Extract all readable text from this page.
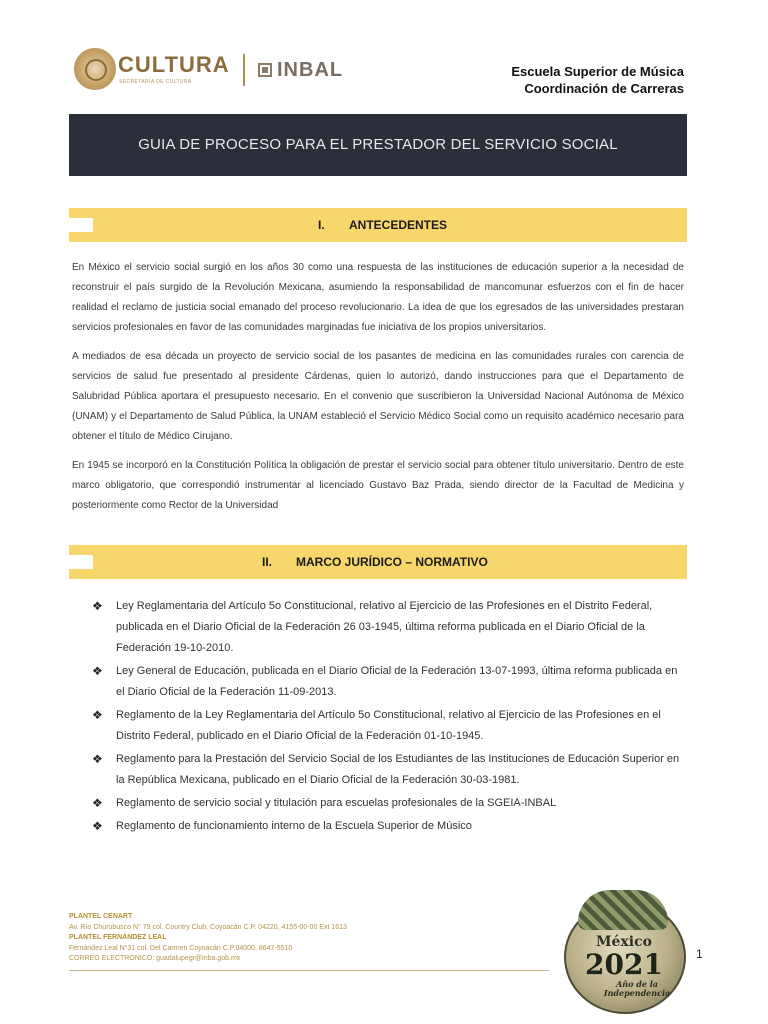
CULTURA
SECRETARÍA DE CULTURA
INBAL	Escuela Superior de Música
Coordinación de Carreras
GUIA DE PROCESO PARA EL PRESTADOR DEL SERVICIO SOCIAL
I. ANTECEDENTES
En México el servicio social surgió en los años 30 como una respuesta de las instituciones de educación superior a la necesidad de reconstruir el país surgido de la Revolución Mexicana, asumiendo la responsabilidad de mancomunar esfuerzos con el fin de hacer realidad el reclamo de justicia social emanado del proceso revolucionario. La idea de que los egresados de las universidades prestaran servicios profesionales en favor de las comunidades marginadas fue iniciativa de los propios universitarios.
A mediados de esa década un proyecto de servicio social de los pasantes de medicina en las comunidades rurales con carencia de servicios de salud fue presentado al presidente Cárdenas, quien lo autorizó, dando instrucciones para que el Departamento de Salubridad Pública aportara el presupuesto necesario. En el convenio que suscribieron la Universidad Nacional Autónoma de México (UNAM) y el Departamento de Salud Pública, la UNAM estableció el Servicio Médico Social como un requisito académico necesario para obtener el título de Médico Cirujano.
En 1945 se incorporó en la Constitución Política la obligación de prestar el servicio social para obtener título universitario. Dentro de este marco obligatorio, que correspondió instrumentar al licenciado Gustavo Baz Prada, siendo director de la Facultad de Medicina y posteriormente como Rector de la Universidad
II. MARCO JURÍDICO – NORMATIVO
❖ Ley Reglamentaria del Artículo 5o Constitucional, relativo al Ejercicio de las Profesiones en el Distrito Federal, publicada en el Diario Oficial de la Federación 26 03-1945, última reforma publicada en el Diario Oficial de la Federación 19-10-2010.
❖ Ley General de Educación, publicada en el Diario Oficial de la Federación 13-07-1993, última reforma publicada en el Diario Oficial de la Federación 11-09-2013.
❖ Reglamento de la Ley Reglamentaria del Artículo 5o Constitucional, relativo al Ejercicio de las Profesiones en el Distrito Federal, publicado en el Diario Oficial de la Federación 01-10-1945.
❖ Reglamento para la Prestación del Servicio Social de los Estudiantes de las Instituciones de Educación Superior en la República Mexicana, publicado en el Diario Oficial de la Federación 30-03-1981.
❖ Reglamento de servicio social y titulación para escuelas profesionales de la SGEIA-INBAL
❖ Reglamento de funcionamiento interno de la Escuela Superior de Músico
PLANTEL CENART
Av. Río Churubusco N° 79 col. Country Club, Coyoacán C.P. 04220, 4155-00-00 Ext 1613
PLANTEL FERNÁNDEZ LEAL
Fernández Leal N°31 col. Del Carmen Coyoacán C.P.04000, 8647-5510
CORREO ELECTRÓNICO: guadalupegr@inba.gob.mx
México
2021
Año de la Independencia
1
